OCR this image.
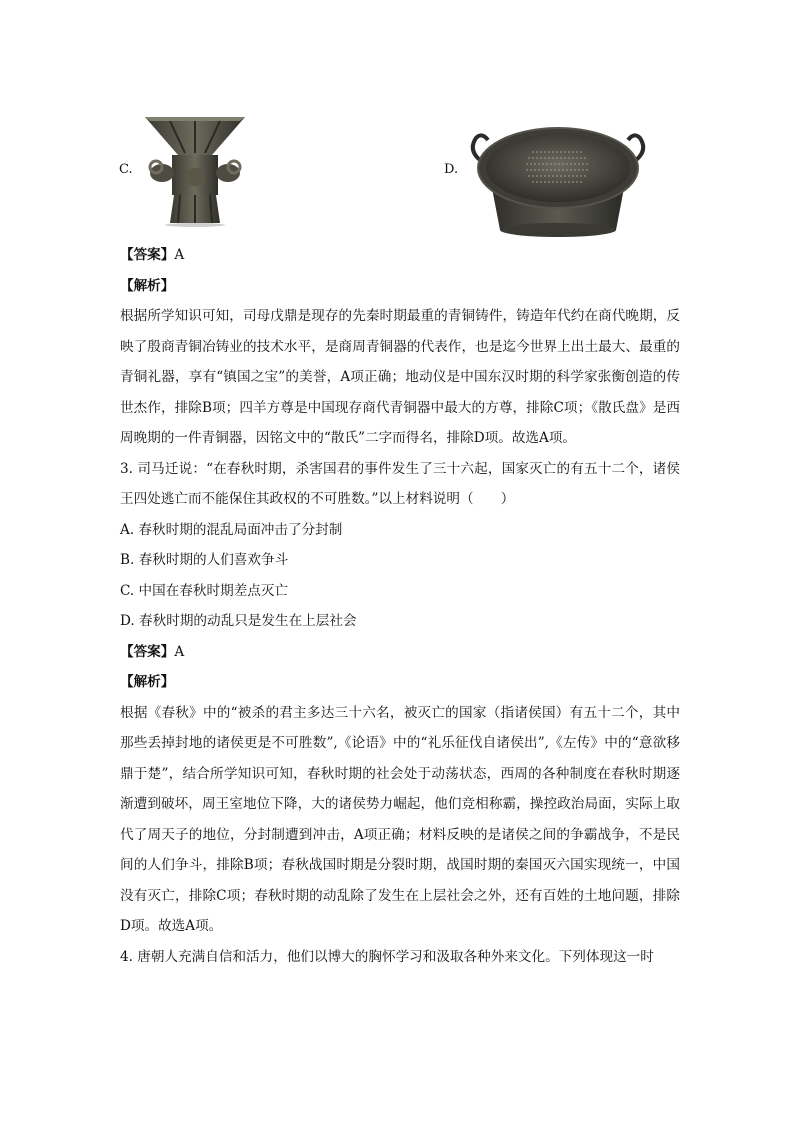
C.	D.

【答案】A

【解析】

根据所学知识可知，司母戊鼎是现存的先秦时期最重的青铜铸件，铸造年代约在商代晚期，反映了殷商青铜冶铸业的技术水平，是商周青铜器的代表作，也是迄今世界上出土最大、最重的青铜礼器，享有“镇国之宝”的美誉，A项正确；地动仪是中国东汉时期的科学家张衡创造的传世杰作，排除B项；四羊方尊是中国现存商代青铜器中最大的方尊，排除C项；《散氏盘》是西周晚期的一件青铜器，因铭文中的“散氏”二字而得名，排除D项。故选A项。

3. 司马迁说：“在春秋时期，杀害国君的事件发生了三十六起，国家灭亡的有五十二个，诸侯王四处逃亡而不能保住其政权的不可胜数。”以上材料说明（　　）

A. 春秋时期的混乱局面冲击了分封制

B. 春秋时期的人们喜欢争斗

C. 中国在春秋时期差点灭亡

D. 春秋时期的动乱只是发生在上层社会

【答案】A

【解析】

根据《春秋》中的“被杀的君主多达三十六名，被灭亡的国家（指诸侯国）有五十二个，其中那些丢掉封地的诸侯更是不可胜数”,《论语》中的“礼乐征伐自诸侯出”,《左传》中的“意欲移鼎于楚”，结合所学知识可知，春秋时期的社会处于动荡状态，西周的各种制度在春秋时期逐渐遭到破坏，周王室地位下降，大的诸侯势力崛起，他们竞相称霸，操控政治局面，实际上取代了周天子的地位，分封制遭到冲击，A项正确；材料反映的是诸侯之间的争霸战争，不是民间的人们争斗，排除B项；春秋战国时期是分裂时期，战国时期的秦国灭六国实现统一，中国没有灭亡，排除C项；春秋时期的动乱除了发生在上层社会之外，还有百姓的土地问题，排除D项。故选A项。

4. 唐朝人充满自信和活力，他们以博大的胸怀学习和汲取各种外来文化。下列体现这一时
